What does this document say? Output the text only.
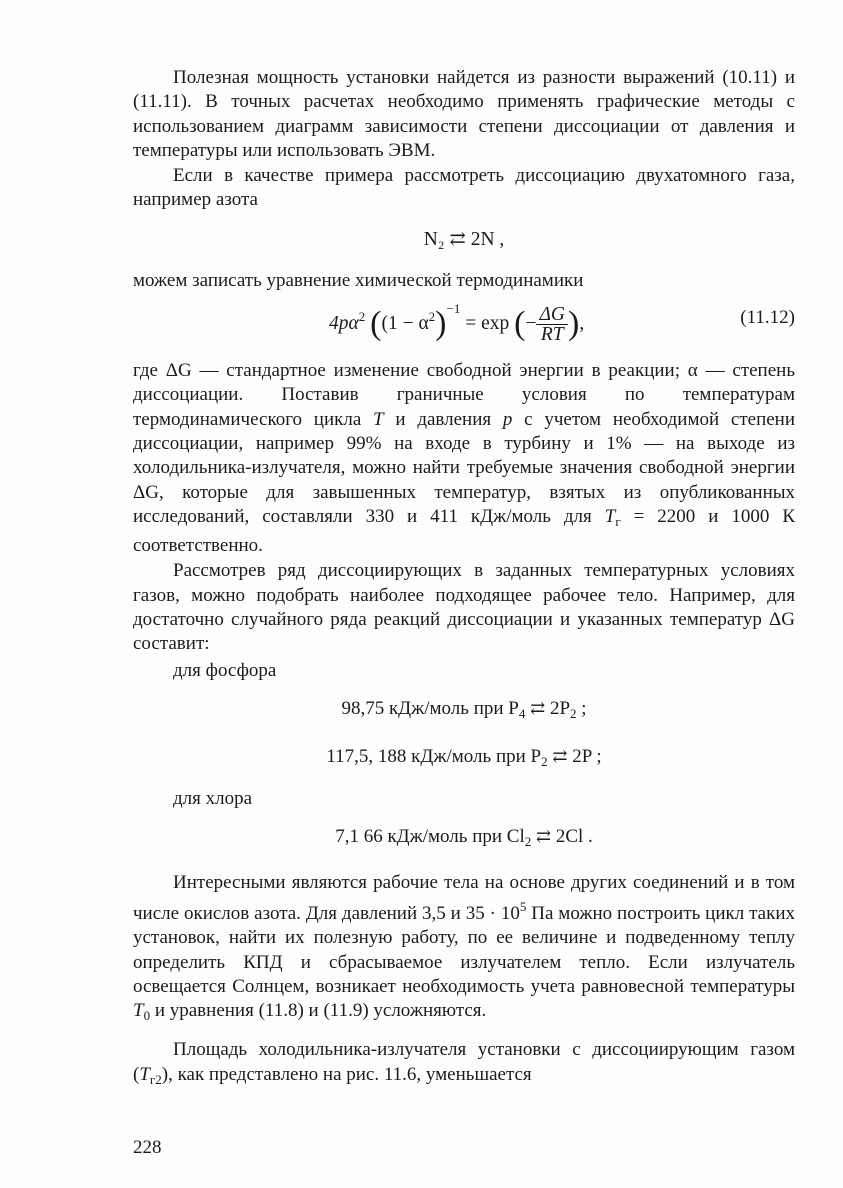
Полезная мощность установки найдется из разности выражений (10.11) и (11.11). В точных расчетах необходимо применять графические методы с использованием диаграмм зависимости степени диссоциации от давления и температуры или использовать ЭВМ.

Если в качестве примера рассмотреть диссоциацию двухатомного газа, например азота

N₂ ⇄ 2N ,

можем записать уравнение химической термодинамики

$4p\alpha^2$ ($(1 - \alpha^2)^{-1} = \exp$ (− $\frac{\Delta G}{RT}$ ),	(11.12)

где ΔG — стандартное изменение свободной энергии в реакции; α — степень диссоциации. Поставив граничные условия по температурам термодинамического цикла T и давления p с учетом необходимой степени диссоциации, например 99% на входе в турбину и 1% — на выходе из холодильника-излучателя, можно найти требуемые значения свободной энергии ΔG, которые для завышенных температур, взятых из опубликованных исследований, составляли 330 и 411 кДж/моль для $T_г = 2200$ и 1000 К соответственно.

Рассмотрев ряд диссоциирующих в заданных температурных условиях газов, можно подобрать наиболее подходящее рабочее тело. Например, для достаточно случайного ряда реакций диссоциации и указанных температур ΔG составит:

для фосфора
98,75 кДж/моль при $P_4$ ⇄ $2P_2$ ;
117,5, 188 кДж/моль при $P_2$ ⇄ 2P ;
для хлора
7,1 66 кДж/моль при $Cl_2$ ⇄ 2Cl .

Интересными являются рабочие тела на основе других соединений и в том числе окислов азота. Для давлений 3,5 и $35 \cdot 10^5$ Па можно построить цикл таких установок, найти их полезную работу, по ее величине и подведенному теплу определить КПД и сбрасываемое излучателем тепло. Если излучатель освещается Солнцем, возникает необходимость учета равновесной температуры $T_0$ и уравнения (11.8) и (11.9) усложняются.

Площадь холодильника-излучателя установки с диссоциирующим газом $(T_{г2})$, как представлено на рис. 11.6, уменьшается

228
